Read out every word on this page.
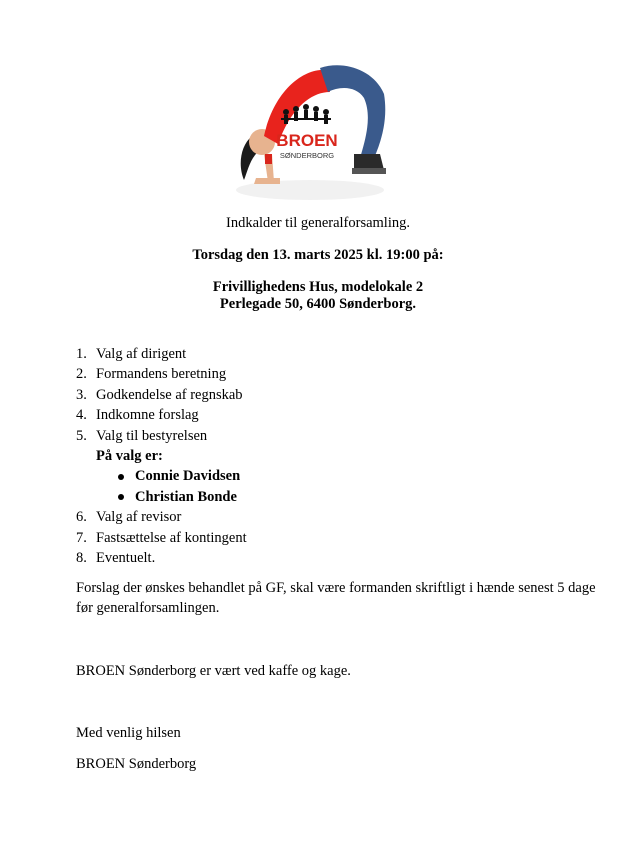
BROEN
SØNDERBORG
Indkalder til generalforsamling.
Torsdag den 13. marts 2025 kl. 19:00 på:
Frivillighedens Hus, modelokale 2
Perlegade 50, 6400 Sønderborg.
1. Valg af dirigent
2. Formandens beretning
3. Godkendelse af regnskab
4. Indkomne forslag
5. Valg til bestyrelsen
På valg er:
Connie Davidsen
Christian Bonde
6. Valg af revisor
7. Fastsættelse af kontingent
8. Eventuelt.
Forslag der ønskes behandlet på GF, skal være formanden skriftligt i hænde senest 5 dage før generalforsamlingen.
BROEN Sønderborg er vært ved kaffe og kage.
Med venlig hilsen
BROEN Sønderborg
